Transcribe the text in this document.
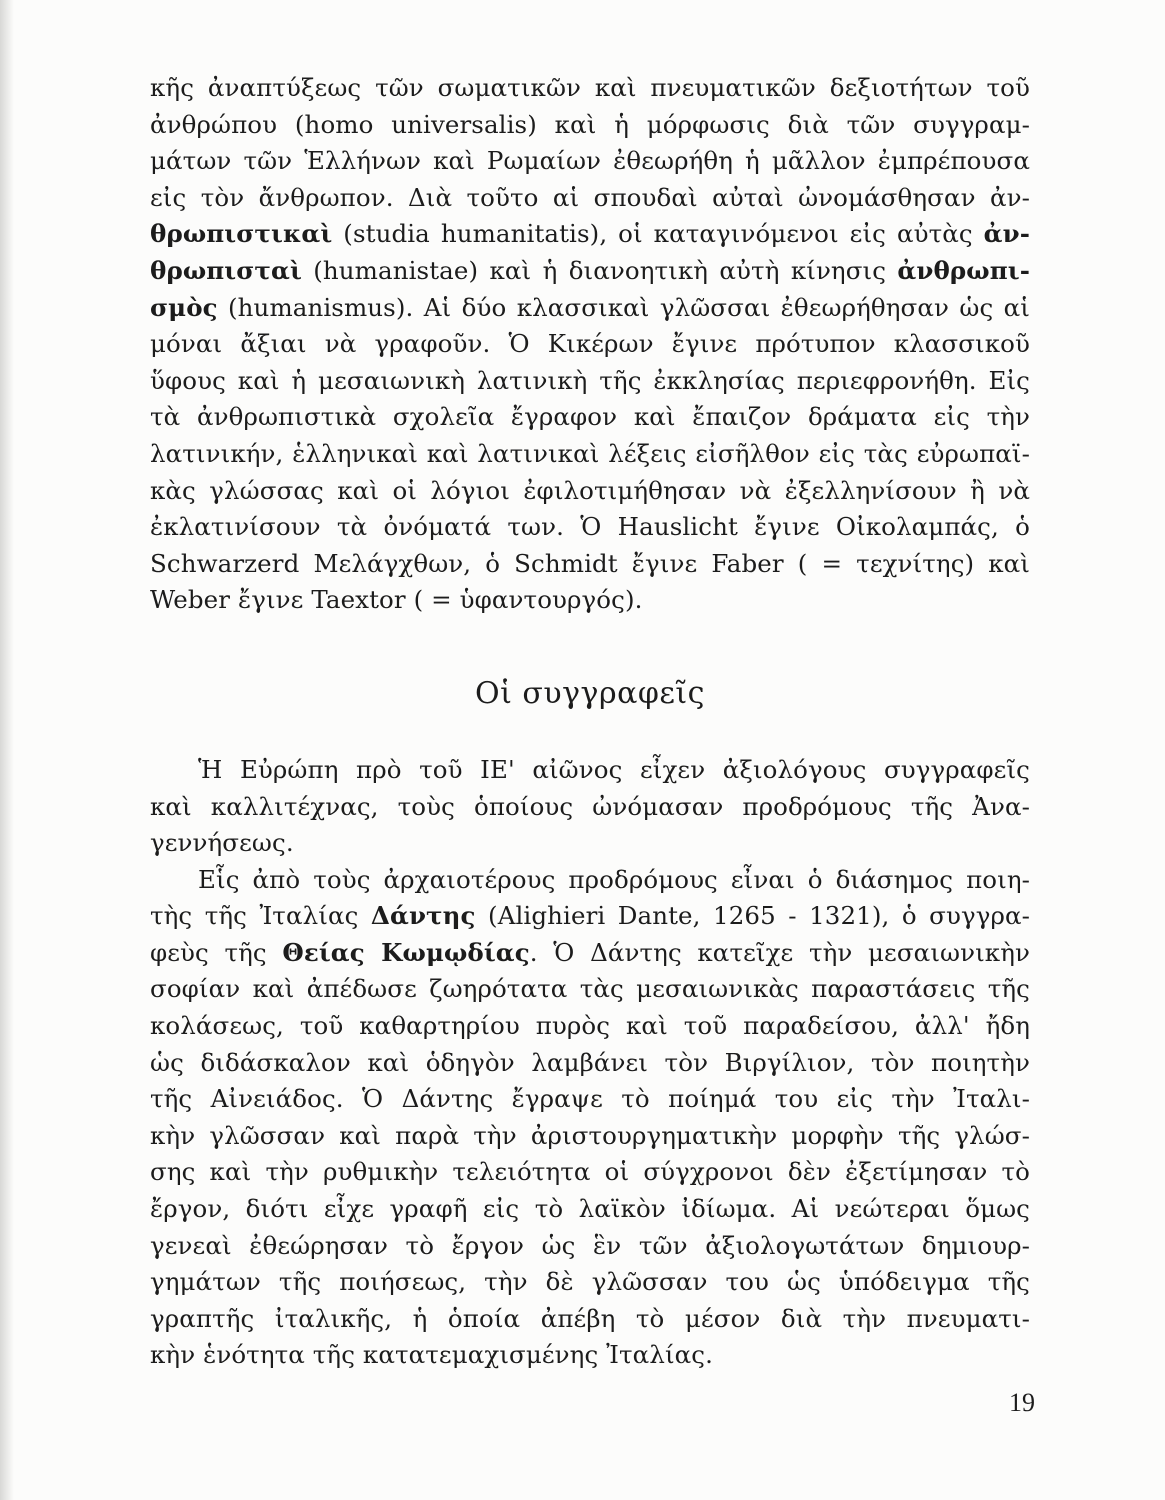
κῆς ἀναπτύξεως τῶν σωματικῶν καὶ πνευματικῶν δεξιοτήτων τοῦ
ἀνθρώπου (homo universalis) καὶ ἡ μόρφωσις διὰ τῶν συγγραμ-
μάτων τῶν Ἑλλήνων καὶ Ρωμαίων ἐθεωρήθη ἡ μᾶλλον ἐμπρέπουσα
εἰς τὸν ἄνθρωπον. Διὰ τοῦτο αἱ σπουδαὶ αὐταὶ ὠνομάσθησαν ἀν-
θρωπιστικαὶ (studia humanitatis), οἱ καταγινόμενοι εἰς αὐτὰς ἀν-
θρωπισταὶ (humanistae) καὶ ἡ διανοητικὴ αὐτὴ κίνησις ἀνθρωπι-
σμὸς (humanismus). Αἱ δύο κλασσικαὶ γλῶσσαι ἐθεωρήθησαν ὡς αἱ
μόναι ἄξιαι νὰ γραφοῦν. Ὁ Κικέρων ἔγινε πρότυπον κλασσικοῦ
ὕφους καὶ ἡ μεσαιωνικὴ λατινικὴ τῆς ἐκκλησίας περιεφρονήθη. Εἰς
τὰ ἀνθρωπιστικὰ σχολεῖα ἔγραφον καὶ ἔπαιζον δράματα εἰς τὴν
λατινικήν, ἑλληνικαὶ καὶ λατινικαὶ λέξεις εἰσῆλθον εἰς τὰς εὐρωπαϊ-
κὰς γλώσσας καὶ οἱ λόγιοι ἐφιλοτιμήθησαν νὰ ἐξελληνίσουν ἢ νὰ
ἐκλατινίσουν τὰ ὀνόματά των. Ὁ Hauslicht ἔγινε Οἰκολαμπάς, ὁ
Schwarzerd Μελάγχθων, ὁ Schmidt ἔγινε Faber ( = τεχνίτης) καὶ
Weber ἔγινε Taextor ( = ὑφαντουργός).
Οἱ συγγραφεῖς
Ἡ Εὐρώπη πρὸ τοῦ ΙΕ' αἰῶνος εἶχεν ἀξιολόγους συγγραφεῖς
καὶ καλλιτέχνας, τοὺς ὁποίους ὠνόμασαν προδρόμους τῆς Ἀνα-
γεννήσεως.
Εἷς ἀπὸ τοὺς ἀρχαιοτέρους προδρόμους εἶναι ὁ διάσημος ποιη-
τὴς τῆς Ἰταλίας Δάντης (Alighieri Dante, 1265 - 1321), ὁ συγγρα-
φεὺς τῆς Θείας Κωμῳδίας. Ὁ Δάντης κατεῖχε τὴν μεσαιωνικὴν
σοφίαν καὶ ἀπέδωσε ζωηρότατα τὰς μεσαιωνικὰς παραστάσεις τῆς
κολάσεως, τοῦ καθαρτηρίου πυρὸς καὶ τοῦ παραδείσου, ἀλλ' ἤδη
ὡς διδάσκαλον καὶ ὁδηγὸν λαμβάνει τὸν Βιργίλιον, τὸν ποιητὴν
τῆς Αἰνειάδος. Ὁ Δάντης ἔγραψε τὸ ποίημά του εἰς τὴν Ἰταλι-
κὴν γλῶσσαν καὶ παρὰ τὴν ἀριστουργηματικὴν μορφὴν τῆς γλώσ-
σης καὶ τὴν ρυθμικὴν τελειότητα οἱ σύγχρονοι δὲν ἐξετίμησαν τὸ
ἔργον, διότι εἶχε γραφῆ εἰς τὸ λαϊκὸν ἰδίωμα. Αἱ νεώτεραι ὅμως
γενεαὶ ἐθεώρησαν τὸ ἔργον ὡς ἓν τῶν ἀξιολογωτάτων δημιουρ-
γημάτων τῆς ποιήσεως, τὴν δὲ γλῶσσαν του ὡς ὑπόδειγμα τῆς
γραπτῆς ἰταλικῆς, ἡ ὁποία ἀπέβη τὸ μέσον διὰ τὴν πνευματι-
κὴν ἑνότητα τῆς κατατεμαχισμένης Ἰταλίας.
19
